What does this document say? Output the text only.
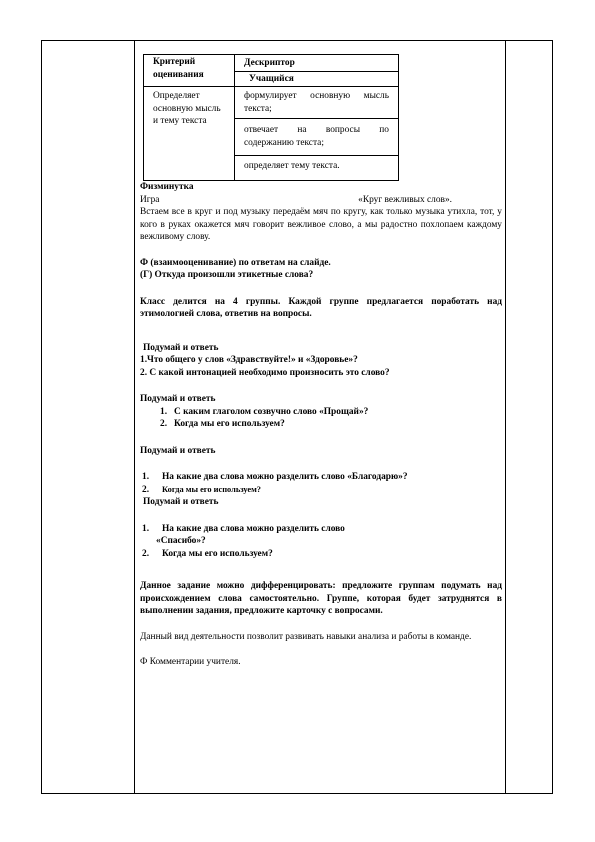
Критерий оценивания	Дескриптор
	Учащийся
Определяет основную мысль и тему текста	формулирует основную мысль текста;
	отвечает на вопросы по содержанию текста;
	определяет тему текста.

Физминутка

Игра	«Круг вежливых слов».

Встаем все в круг и под музыку передаём мяч по кругу, как только музыка утихла, тот, у кого в руках окажется мяч говорит вежливое слово, а мы радостно похлопаем каждому вежливому слову.

Ф (взаимооценивание) по ответам на слайде.

(Г) Откуда произошли этикетные слова?

Класс делится на 4 группы. Каждой группе предлагается поработать над этимологией слова, ответив на вопросы.

Подумай и ответь

1.Что общего у слов «Здравствуйте!» и «Здоровье»?

2. С какой интонацией необходимо произносить это слово?

Подумай и ответь

1. С каким глаголом созвучно слово «Прощай»?
2. Когда мы его используем?

Подумай и ответь

1. На какие два слова можно разделить слово «Благодарю»?
2. Когда мы его используем?

Подумай и ответь

1. На какие два слова можно разделить слово
«Спасибо»?
2. Когда мы его используем?

Данное задание можно дифференцировать: предложите группам подумать над происхождением слова самостоятельно. Группе, которая будет затруднятся в выполнении задания, предложите карточку с вопросами.

Данный вид деятельности позволит развивать навыки анализа и работы в команде.

Ф Комментарии учителя.
